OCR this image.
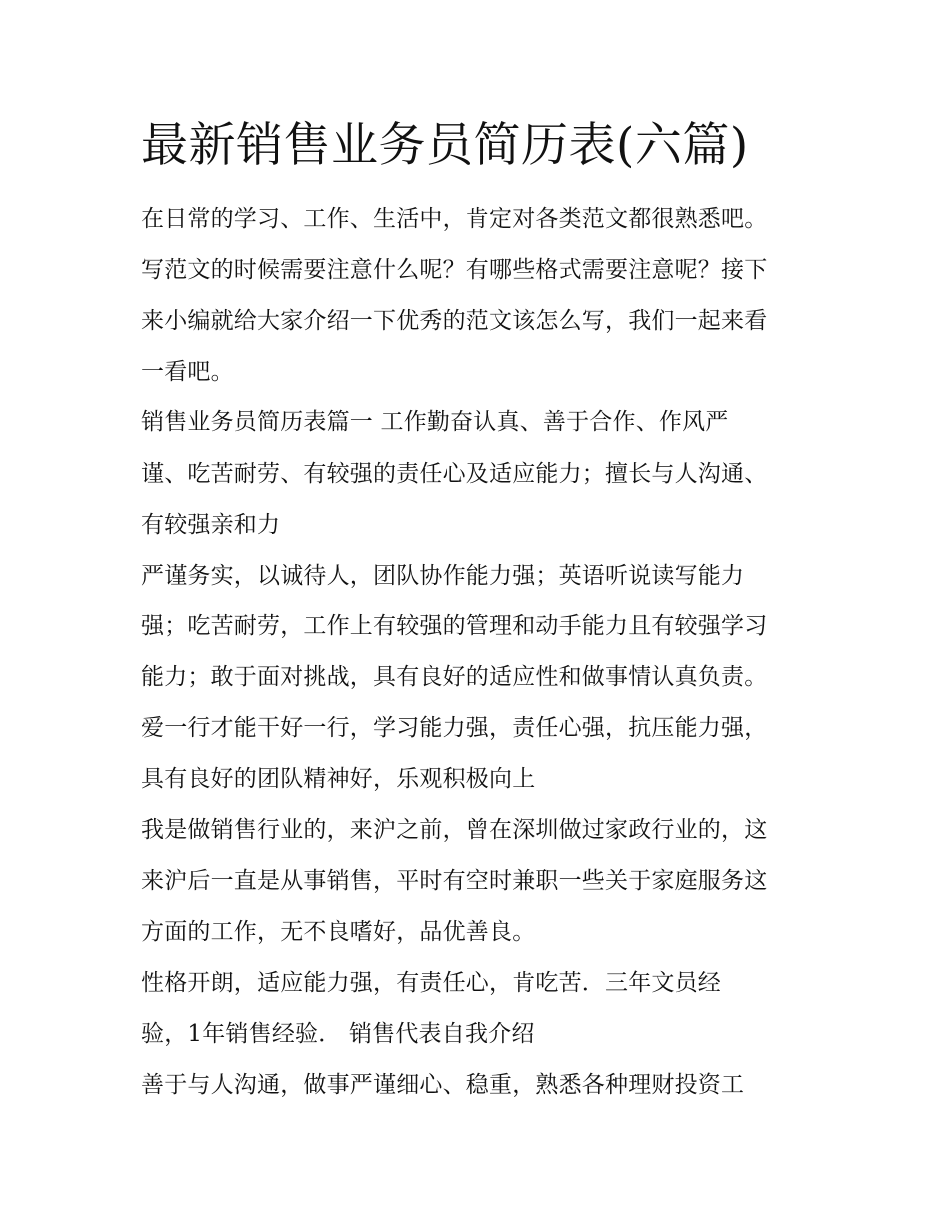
最新销售业务员简历表(六篇)

在日常的学习、工作、生活中，肯定对各类范文都很熟悉吧。

写范文的时候需要注意什么呢？有哪些格式需要注意呢？接下

来小编就给大家介绍一下优秀的范文该怎么写，我们一起来看

一看吧。

销售业务员简历表篇一 工作勤奋认真、善于合作、作风严

谨、吃苦耐劳、有较强的责任心及适应能力；擅长与人沟通、

有较强亲和力

严谨务实，以诚待人，团队协作能力强；英语听说读写能力

强；吃苦耐劳，工作上有较强的管理和动手能力且有较强学习

能力；敢于面对挑战，具有良好的适应性和做事情认真负责。

爱一行才能干好一行，学习能力强，责任心强，抗压能力强，

具有良好的团队精神好，乐观积极向上

我是做销售行业的，来沪之前，曾在深圳做过家政行业的，这

来沪后一直是从事销售，平时有空时兼职一些关于家庭服务这

方面的工作，无不良嗜好，品优善良。

性格开朗，适应能力强，有责任心，肯吃苦．三年文员经

验，1年销售经验． 销售代表自我介绍

善于与人沟通，做事严谨细心、稳重，熟悉各种理财投资工
